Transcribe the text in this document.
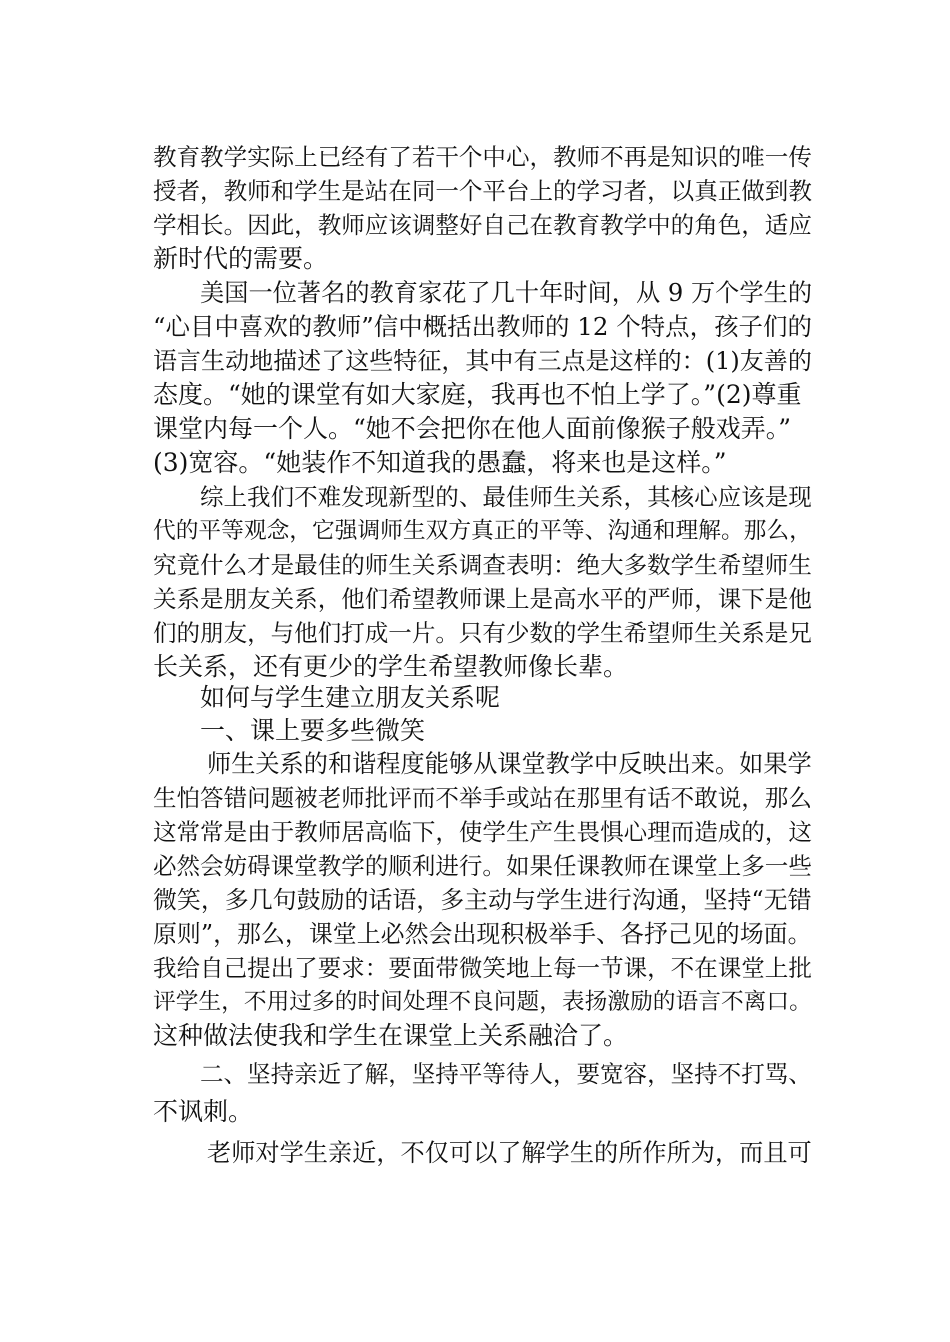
教育教学实际上已经有了若干个中心，教师不再是知识的唯一传
授者，教师和学生是站在同一个平台上的学习者，以真正做到教
学相长。因此，教师应该调整好自己在教育教学中的角色，适应
新时代的需要。
美国一位著名的教育家花了几十年时间，从 9 万个学生的
“心目中喜欢的教师”信中概括出教师的 12 个特点，孩子们的
语言生动地描述了这些特征，其中有三点是这样的：(1)友善的
态度。“她的课堂有如大家庭，我再也不怕上学了。”(2)尊重
课堂内每一个人。“她不会把你在他人面前像猴子般戏弄。”
(3)宽容。“她装作不知道我的愚蠢，将来也是这样。”
综上我们不难发现新型的、最佳师生关系，其核心应该是现
代的平等观念，它强调师生双方真正的平等、沟通和理解。那么，
究竟什么才是最佳的师生关系调查表明：绝大多数学生希望师生
关系是朋友关系，他们希望教师课上是高水平的严师，课下是他
们的朋友，与他们打成一片。只有少数的学生希望师生关系是兄
长关系，还有更少的学生希望教师像长辈。
如何与学生建立朋友关系呢
一、课上要多些微笑
师生关系的和谐程度能够从课堂教学中反映出来。如果学
生怕答错问题被老师批评而不举手或站在那里有话不敢说，那么
这常常是由于教师居高临下，使学生产生畏惧心理而造成的，这
必然会妨碍课堂教学的顺利进行。如果任课教师在课堂上多一些
微笑，多几句鼓励的话语，多主动与学生进行沟通，坚持“无错
原则”，那么，课堂上必然会出现积极举手、各抒己见的场面。
我给自己提出了要求：要面带微笑地上每一节课，不在课堂上批
评学生，不用过多的时间处理不良问题，表扬激励的语言不离口。
这种做法使我和学生在课堂上关系融洽了。
二、坚持亲近了解，坚持平等待人，要宽容，坚持不打骂、
不讽刺。
老师对学生亲近，不仅可以了解学生的所作所为，而且可
